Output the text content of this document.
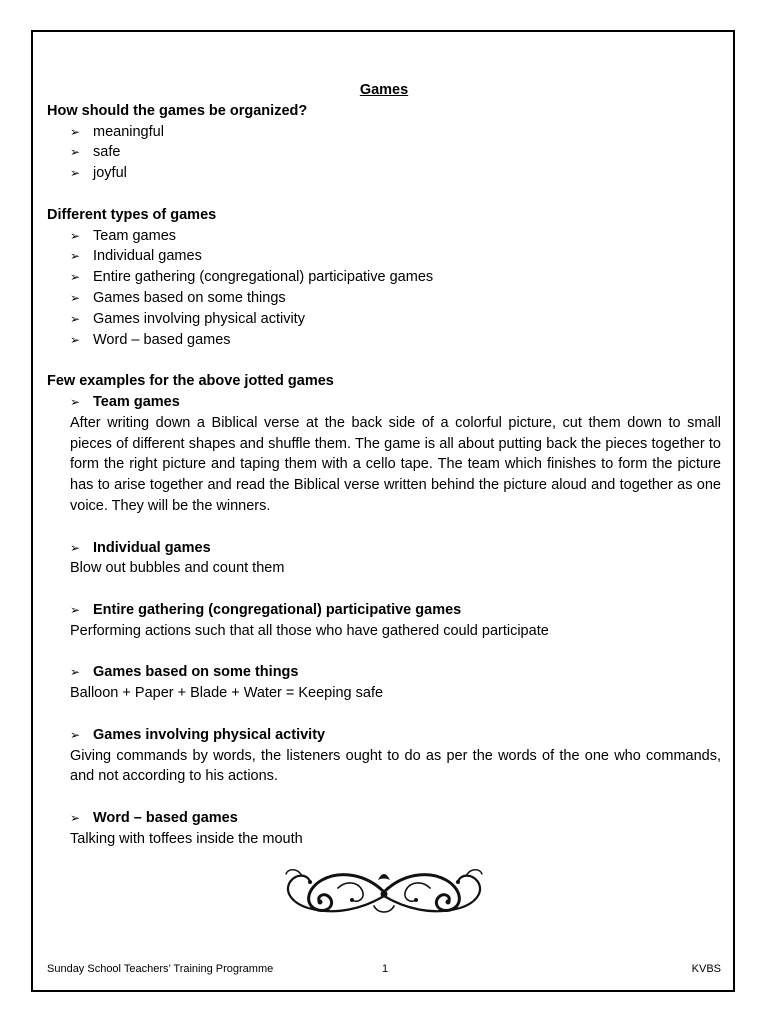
Games
How should the games be organized?
➢ meaningful
➢ safe
➢ joyful
Different types of games
➢ Team games
➢ Individual games
➢ Entire gathering (congregational) participative games
➢ Games based on some things
➢ Games involving physical activity
➢ Word – based games
Few examples for the above jotted games
➢ Team games
After writing down a Biblical verse at the back side of a colorful picture, cut them down to small pieces of different shapes and shuffle them. The game is all about putting back the pieces together to form the right picture and taping them with a cello tape. The team which finishes to form the picture has to arise together and read the Biblical verse written behind the picture aloud and together as one voice. They will be the winners.
➢ Individual games
Blow out bubbles and count them
➢ Entire gathering (congregational) participative games
Performing actions such that all those who have gathered could participate
➢ Games based on some things
Balloon + Paper + Blade + Water = Keeping safe
➢ Games involving physical activity
Giving commands by words, the listeners ought to do as per the words of the one who commands, and not according to his actions.
➢ Word – based games
Talking with toffees inside the mouth
Sunday School Teachers’ Training Programme	1	KVBS
